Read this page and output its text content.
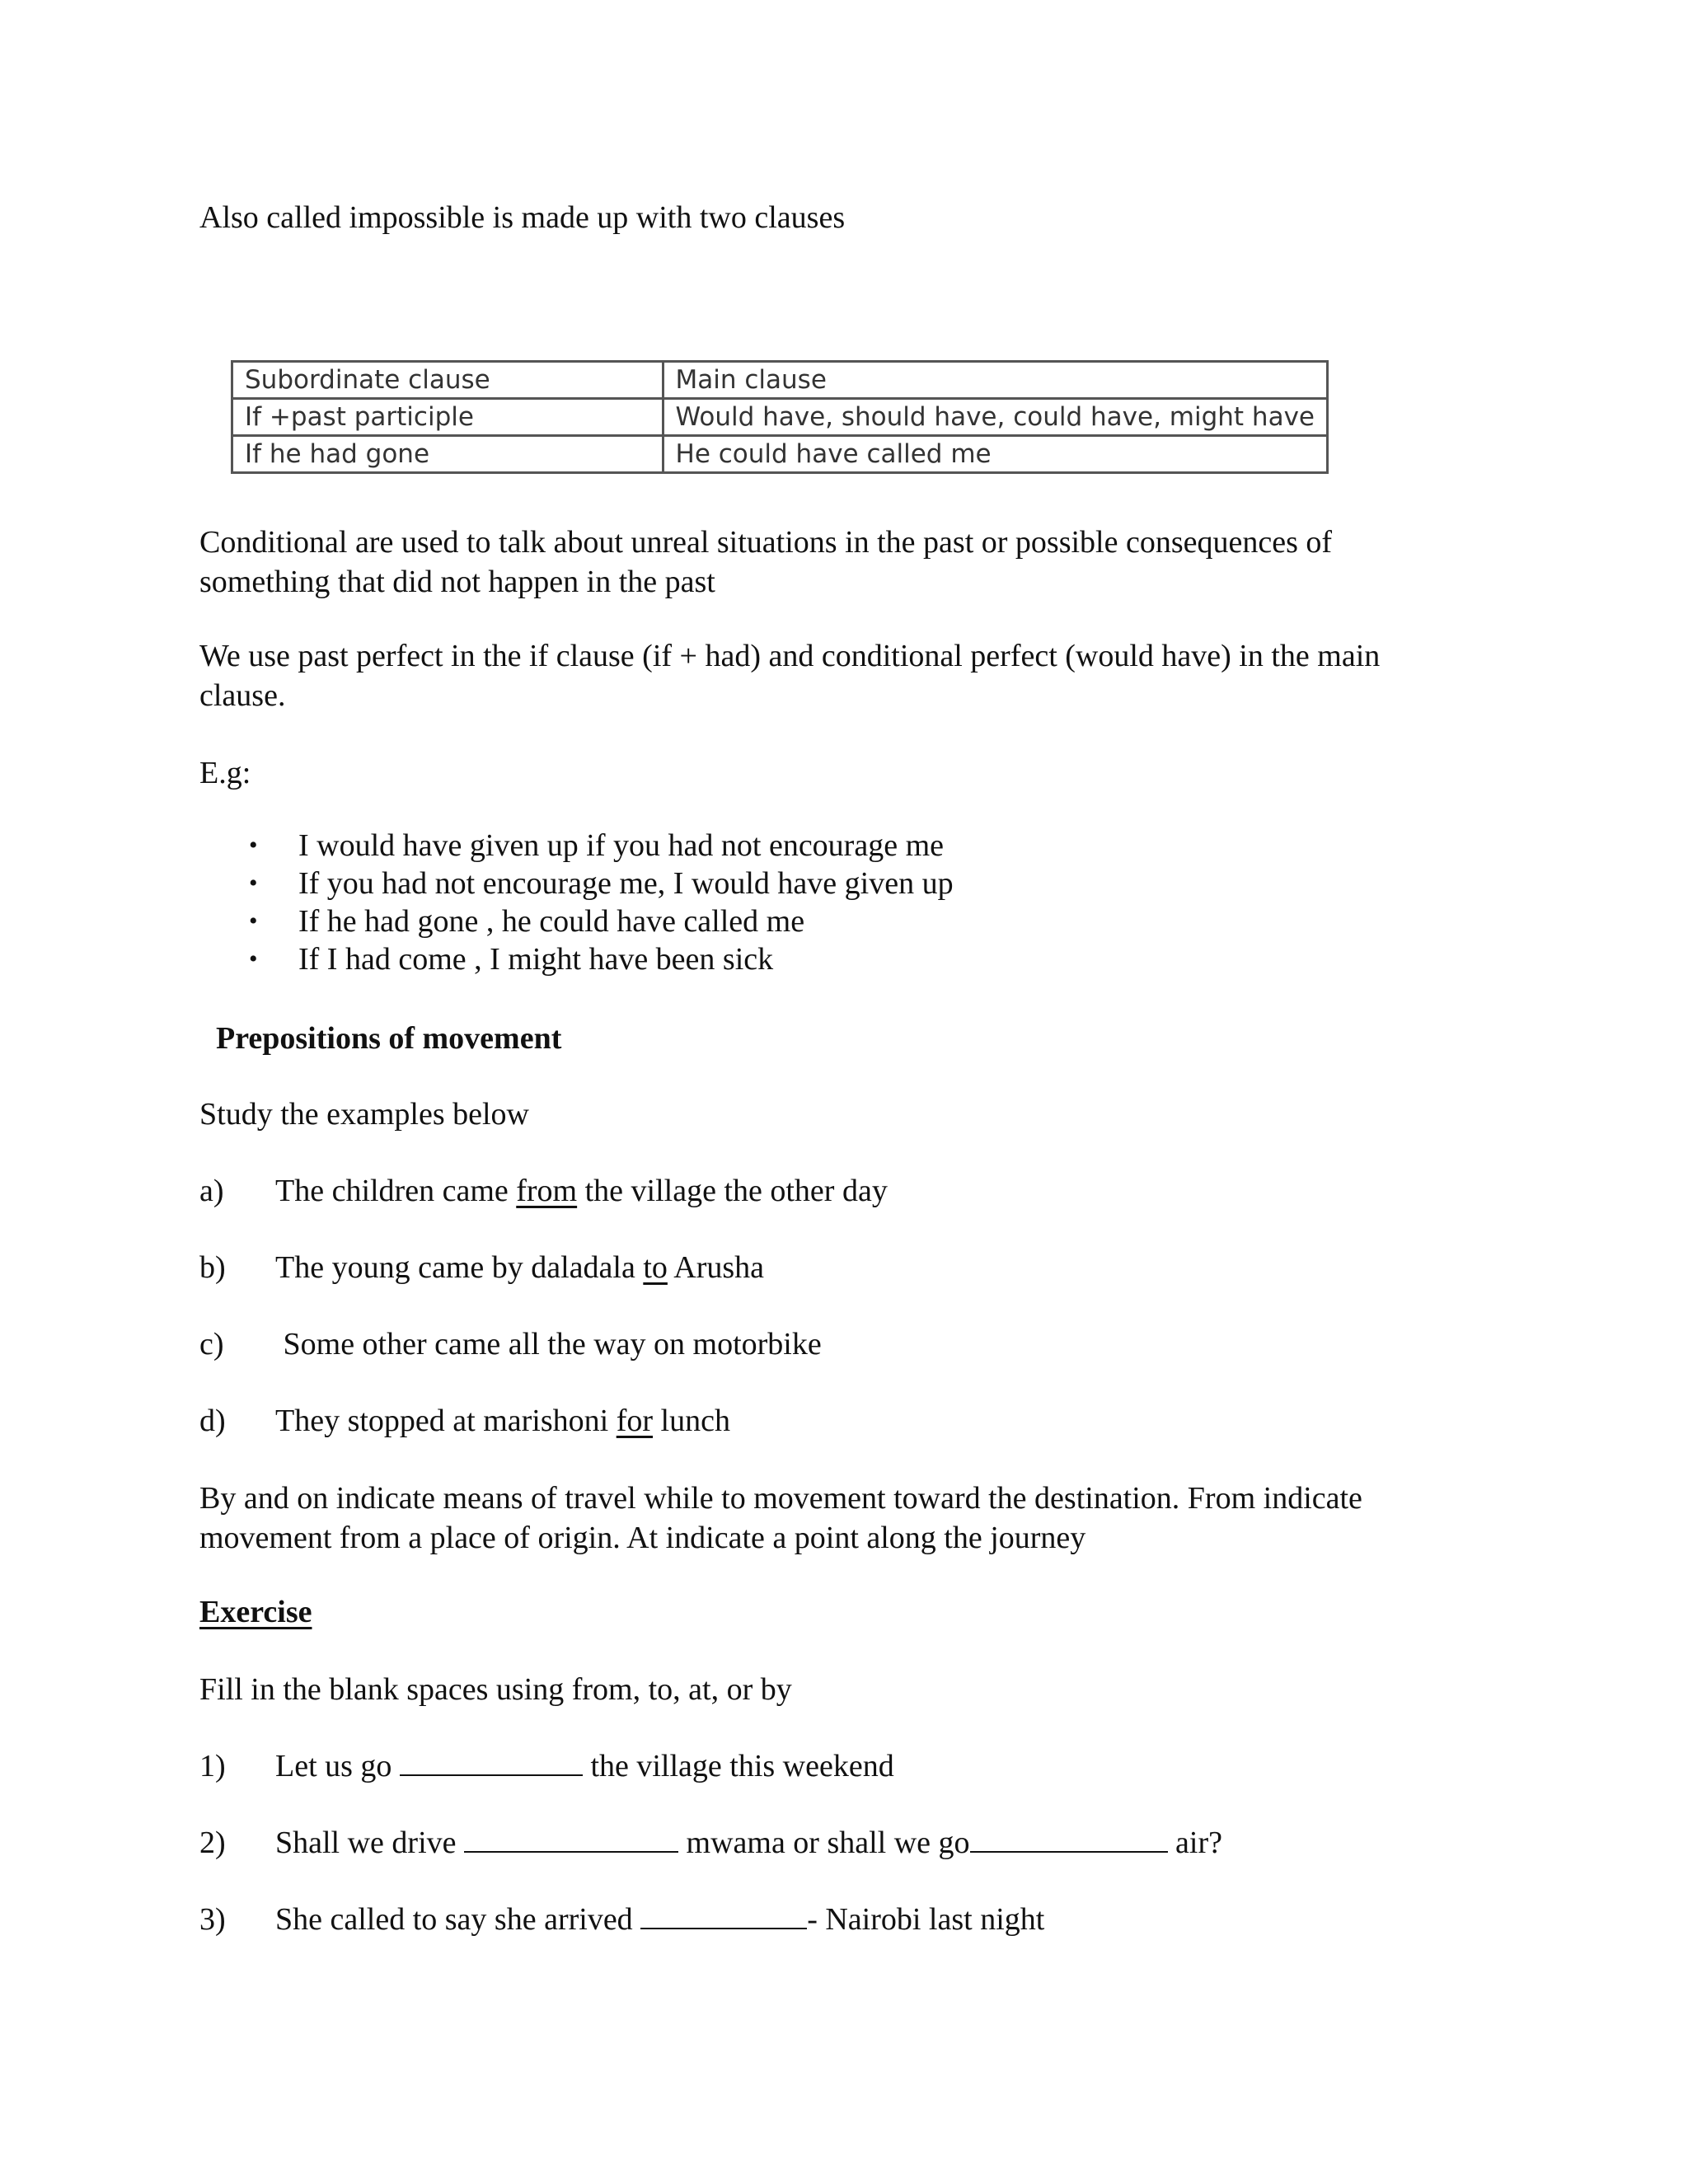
Also called impossible is made up with two clauses
Subordinate clause	Main clause
If +past participle	Would have, should have, could have, might have
If he had gone	He could have called me
Conditional are used to talk about unreal situations in the past or possible consequences of something that did not happen in the past
We use past perfect in the if clause (if + had) and conditional perfect (would have) in the main clause.
E.g:
• I would have given up if you had not encourage me
• If you had not encourage me, I would have given up
• If he had gone , he could have called me
• If I had come , I might have been sick
Prepositions of movement
Study the examples below
a) The children came from the village the other day
b) The young came by daladala to Arusha
c) Some other came all the way on motorbike
d) They stopped at marishoni for lunch
By and on indicate means of travel while to movement toward the destination. From indicate movement from a place of origin. At indicate a point along the journey
Exercise
Fill in the blank spaces using from, to, at, or by
1) Let us go	the village this weekend
2) Shall we drive	mwama or shall we go	air?
3) She called to say she arrived	- Nairobi last night
